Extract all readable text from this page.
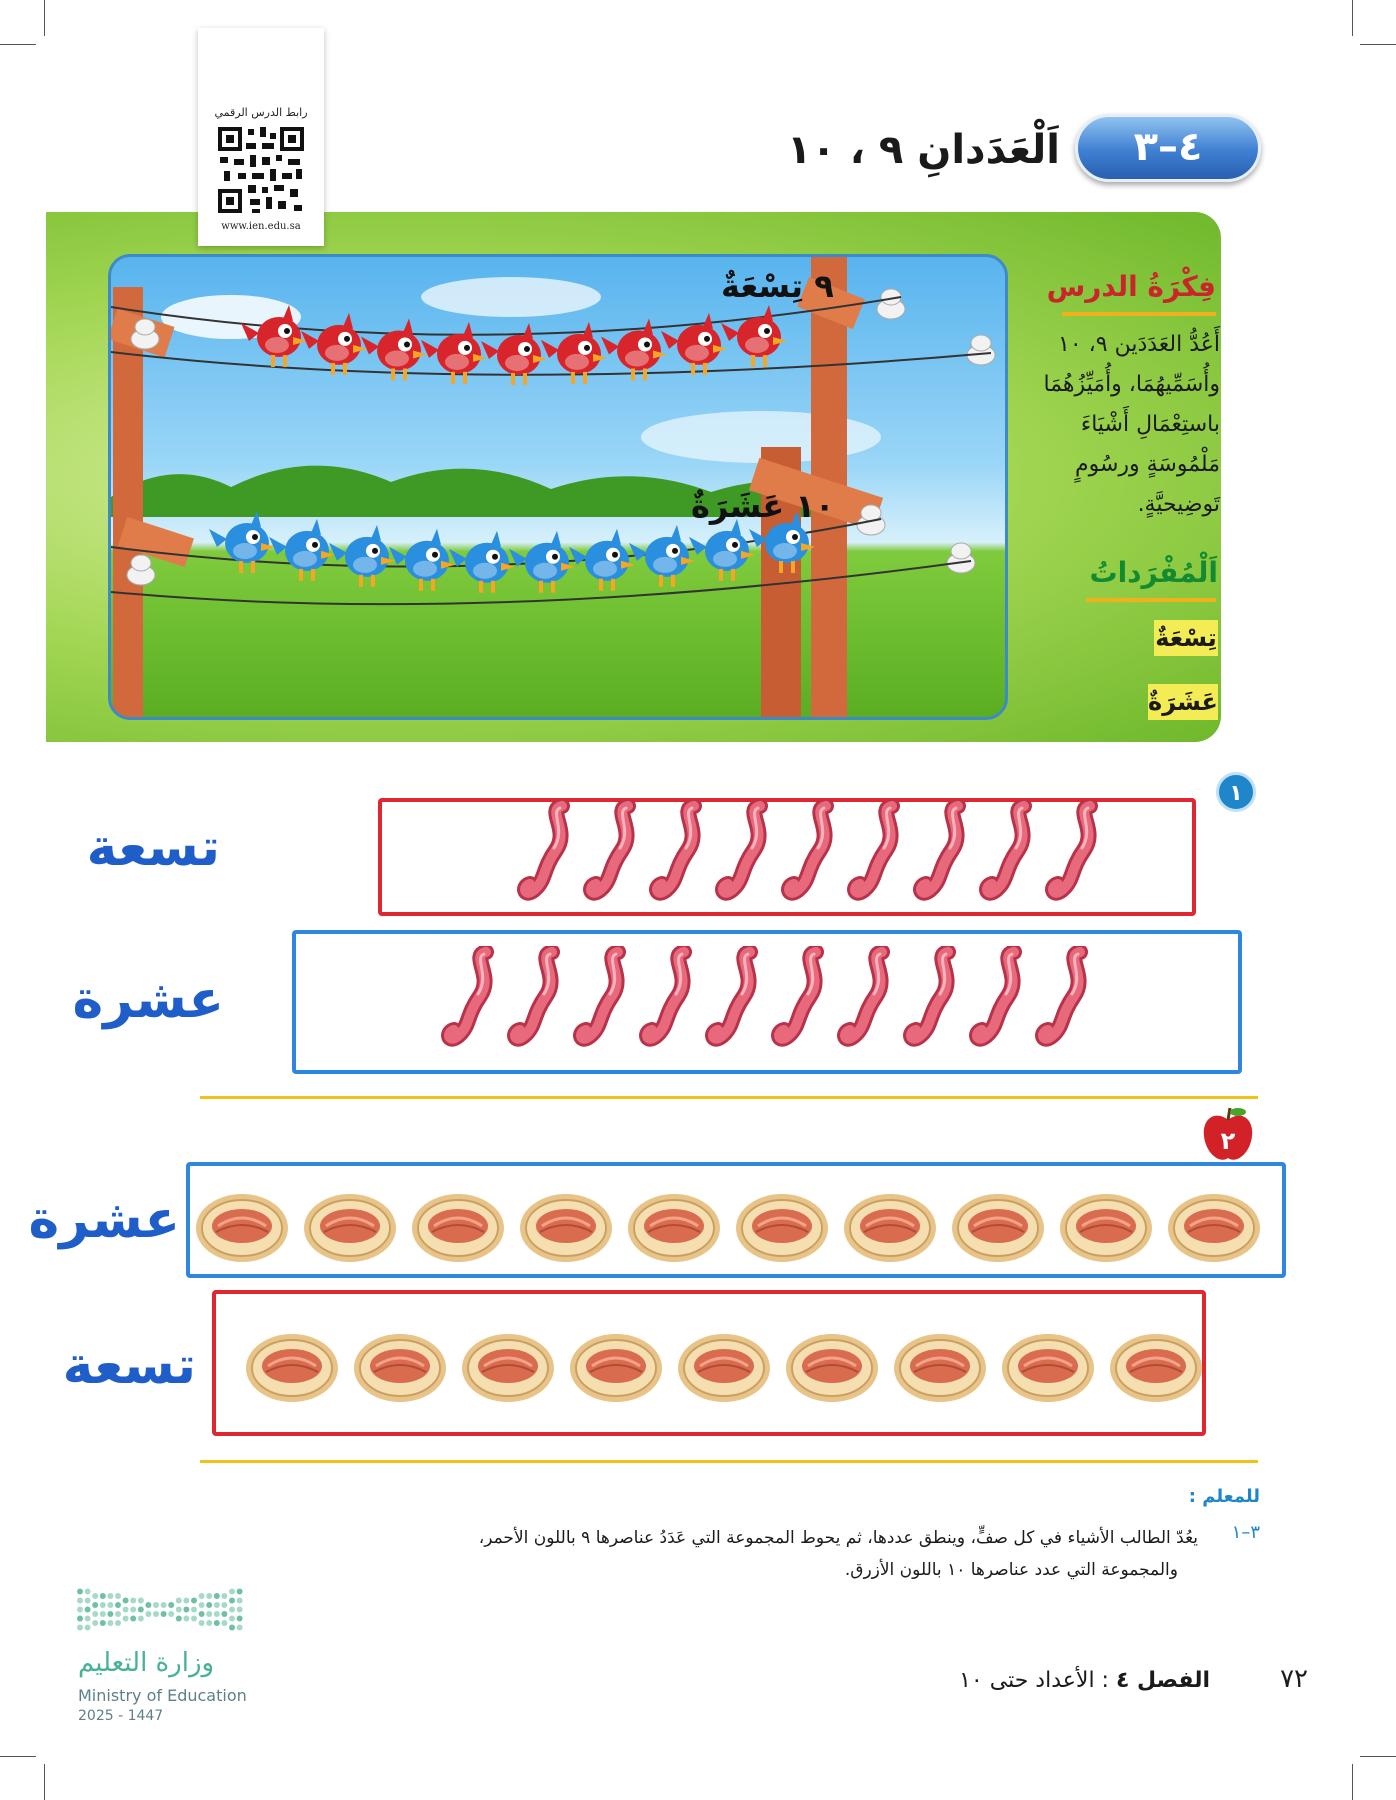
رابط الدرس الرقمي
www.ien.edu.sa
٤–٣
اَلْعَدَدانِ ٩ ، ١٠
٩ تِسْعَةٌ
١٠ عَشَرَةٌ
فِكْرَةُ الدرس
أَعُدُّ العَدَدَين ٩، ١٠
وأُسَمِّيهُمَا، وأُمَيِّزُهُمَا
باستِعْمَالِ أَشْيَاءَ
مَلْمُوسَةٍ ورسُومٍ
تَوضِيحيَّةٍ.
اَلْمُفْرَداتُ
تِسْعَةٌ
عَشَرَةٌ
١
تسعة
عشرة
٢
عشرة
تسعة
للمعلم :
٣–١
يعُدّ الطالب الأشياء في كل صفٍّ، وينطق عددها، ثم يحوط المجموعة التي عَدَدُ عناصرها ٩ باللون الأحمر،
والمجموعة التي عدد عناصرها ١٠ باللون الأزرق.
وزارة التعليم
Ministry of Education
2025 - 1447
الفصل ٤ : الأعداد حتى ١٠	٧٢
